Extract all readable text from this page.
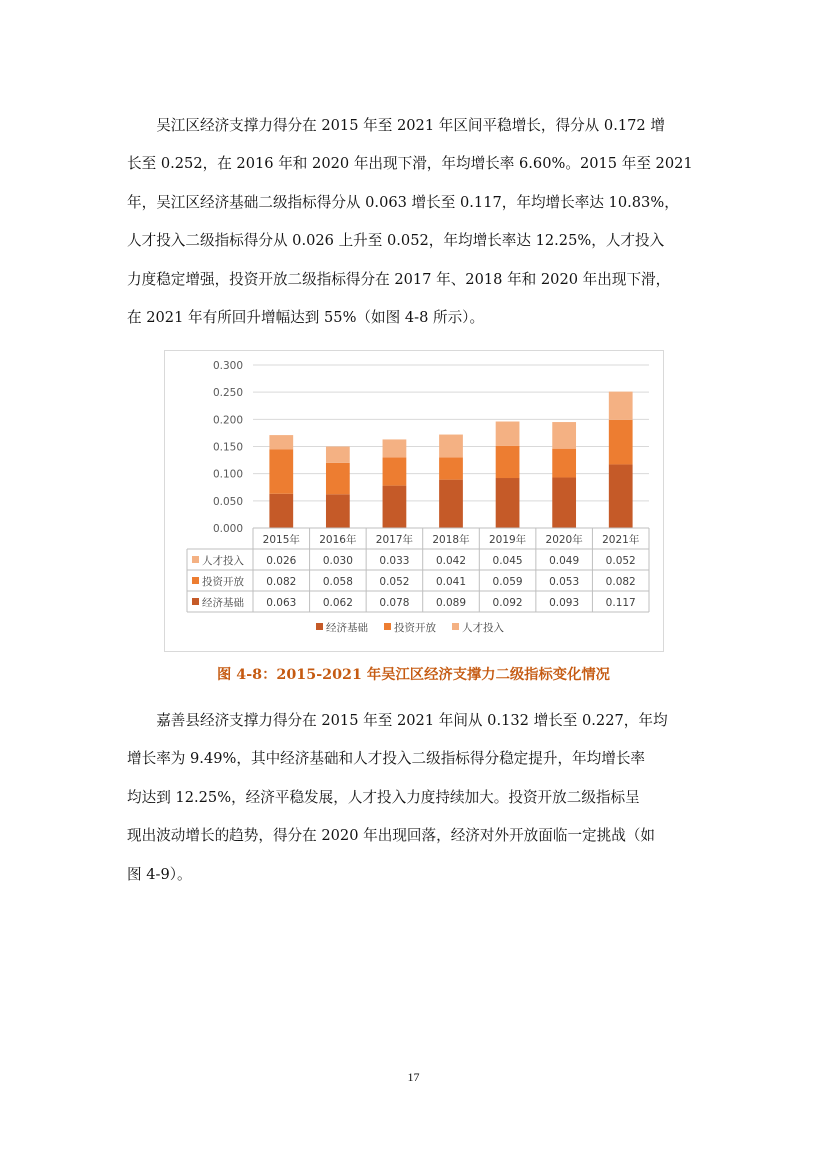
吴江区经济支撑力得分在 2015 年至 2021 年区间平稳增长，得分从 0.172 增
长至 0.252，在 2016 年和 2020 年出现下滑，年均增长率 6.60%。2015 年至 2021
年，吴江区经济基础二级指标得分从 0.063 增长至 0.117，年均增长率达 10.83%，
人才投入二级指标得分从 0.026 上升至 0.052，年均增长率达 12.25%，人才投入
力度稳定增强，投资开放二级指标得分在 2017 年、2018 年和 2020 年出现下滑，
在 2021 年有所回升增幅达到 55%（如图 4-8 所示）。
0.000
0.050
0.100
0.150
0.200
0.250
0.300
2015年 2016年 2017年 2018年 2019年 2020年 2021年
人才投入 0.026	0.030	0.033	0.042	0.045	0.049	0.052
投资开放 0.082	0.058	0.052	0.041	0.059	0.053	0.082
经济基础 0.063	0.062	0.078	0.089	0.092	0.093	0.117
经济基础 投资开放 人才投入
图 4-8：2015-2021 年吴江区经济支撑力二级指标变化情况
嘉善县经济支撑力得分在 2015 年至 2021 年间从 0.132 增长至 0.227，年均
增长率为 9.49%，其中经济基础和人才投入二级指标得分稳定提升，年均增长率
均达到 12.25%，经济平稳发展，人才投入力度持续加大。投资开放二级指标呈
现出波动增长的趋势，得分在 2020 年出现回落，经济对外开放面临一定挑战（如
图 4-9）。
17
